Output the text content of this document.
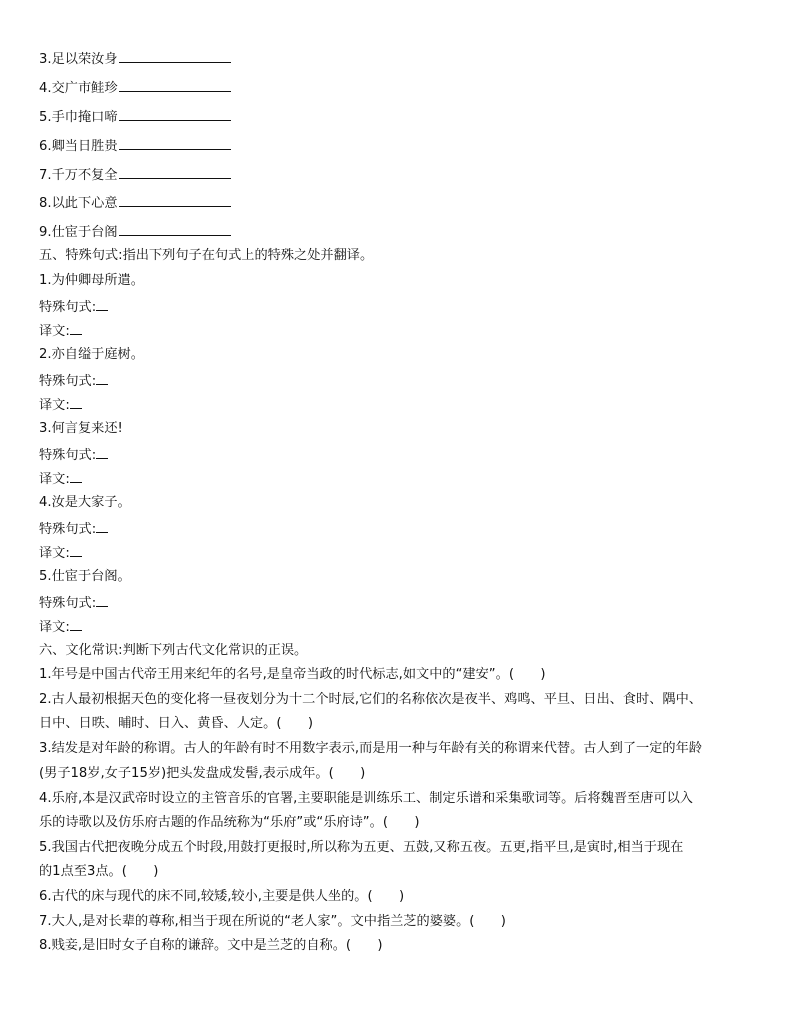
3.足以荣汝身
4.交广市鲑珍
5.手巾掩口啼
6.卿当日胜贵
7.千万不复全
8.以此下心意
9.仕宦于台阁
五、特殊句式:指出下列句子在句式上的特殊之处并翻译。
1.为仲卿母所遣。
特殊句式:
译文:
2.亦自缢于庭树。
特殊句式:
译文:
3.何言复来还!
特殊句式:
译文:
4.汝是大家子。
特殊句式:
译文:
5.仕宦于台阁。
特殊句式:
译文:
六、文化常识:判断下列古代文化常识的正误。
1.年号是中国古代帝王用来纪年的名号,是皇帝当政的时代标志,如文中的“建安”。(　　)
2.古人最初根据天色的变化将一昼夜划分为十二个时辰,它们的名称依次是夜半、鸡鸣、平旦、日出、食时、隅中、
日中、日昳、晡时、日入、黄昏、人定。(　　)
3.结发是对年龄的称谓。古人的年龄有时不用数字表示,而是用一种与年龄有关的称谓来代替。古人到了一定的年龄
(男子18岁,女子15岁)把头发盘成发髻,表示成年。(　　)
4.乐府,本是汉武帝时设立的主管音乐的官署,主要职能是训练乐工、制定乐谱和采集歌词等。后将魏晋至唐可以入
乐的诗歌以及仿乐府古题的作品统称为“乐府”或“乐府诗”。(　　)
5.我国古代把夜晚分成五个时段,用鼓打更报时,所以称为五更、五鼓,又称五夜。五更,指平旦,是寅时,相当于现在
的1点至3点。(　　)
6.古代的床与现代的床不同,较矮,较小,主要是供人坐的。(　　)
7.大人,是对长辈的尊称,相当于现在所说的“老人家”。文中指兰芝的婆婆。(　　)
8.贱妾,是旧时女子自称的谦辞。文中是兰芝的自称。(　　)
